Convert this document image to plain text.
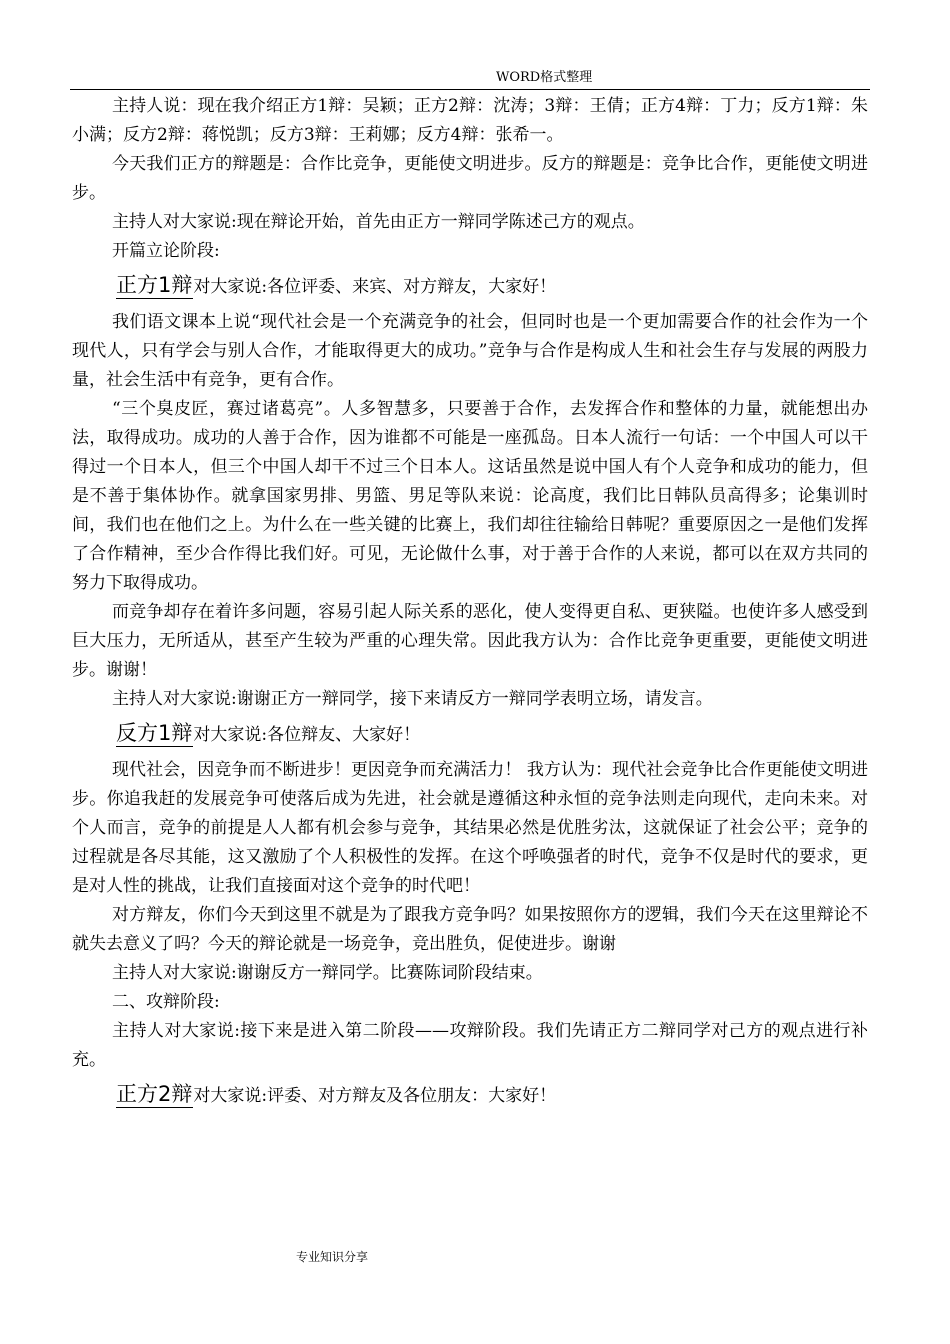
WORD格式整理

主持人说：现在我介绍正方1辩：吴颖；正方2辩：沈涛；3辩：王倩；正方4辩：丁力；反方1辩：朱小满；反方2辩：蒋悦凯；反方3辩：王莉娜；反方4辩：张希一。

今天我们正方的辩题是：合作比竞争，更能使文明进步。反方的辩题是：竞争比合作，更能使文明进步。

主持人对大家说:现在辩论开始，首先由正方一辩同学陈述己方的观点。

开篇立论阶段:

正方1辩对大家说:各位评委、来宾、对方辩友，大家好！

我们语文课本上说“现代社会是一个充满竞争的社会，但同时也是一个更加需要合作的社会作为一个现代人，只有学会与别人合作，才能取得更大的成功。”竞争与合作是构成人生和社会生存与发展的两股力量，社会生活中有竞争，更有合作。

“三个臭皮匠，赛过诸葛亮”。人多智慧多，只要善于合作，去发挥合作和整体的力量，就能想出办法，取得成功。成功的人善于合作，因为谁都不可能是一座孤岛。日本人流行一句话：一个中国人可以干得过一个日本人，但三个中国人却干不过三个日本人。这话虽然是说中国人有个人竞争和成功的能力，但是不善于集体协作。就拿国家男排、男篮、男足等队来说：论高度，我们比日韩队员高得多；论集训时间，我们也在他们之上。为什么在一些关键的比赛上，我们却往往输给日韩呢？重要原因之一是他们发挥了合作精神，至少合作得比我们好。可见，无论做什么事，对于善于合作的人来说，都可以在双方共同的努力下取得成功。

而竞争却存在着许多问题，容易引起人际关系的恶化，使人变得更自私、更狭隘。也使许多人感受到巨大压力，无所适从，甚至产生较为严重的心理失常。因此我方认为：合作比竞争更重要，更能使文明进步。谢谢！

主持人对大家说:谢谢正方一辩同学，接下来请反方一辩同学表明立场，请发言。

反方1辩对大家说:各位辩友、大家好！

现代社会，因竞争而不断进步！更因竞争而充满活力！ 我方认为：现代社会竞争比合作更能使文明进步。你追我赶的发展竞争可使落后成为先进，社会就是遵循这种永恒的竞争法则走向现代，走向未来。对个人而言，竞争的前提是人人都有机会参与竞争，其结果必然是优胜劣汰，这就保证了社会公平；竞争的过程就是各尽其能，这又激励了个人积极性的发挥。在这个呼唤强者的时代，竞争不仅是时代的要求，更是对人性的挑战，让我们直接面对这个竞争的时代吧！

对方辩友，你们今天到这里不就是为了跟我方竞争吗？如果按照你方的逻辑，我们今天在这里辩论不就失去意义了吗？今天的辩论就是一场竞争，竞出胜负，促使进步。谢谢

主持人对大家说:谢谢反方一辩同学。比赛陈词阶段结束。

二、攻辩阶段:

主持人对大家说:接下来是进入第二阶段——攻辩阶段。我们先请正方二辩同学对己方的观点进行补充。

正方2辩对大家说:评委、对方辩友及各位朋友：大家好！
专业知识分享
